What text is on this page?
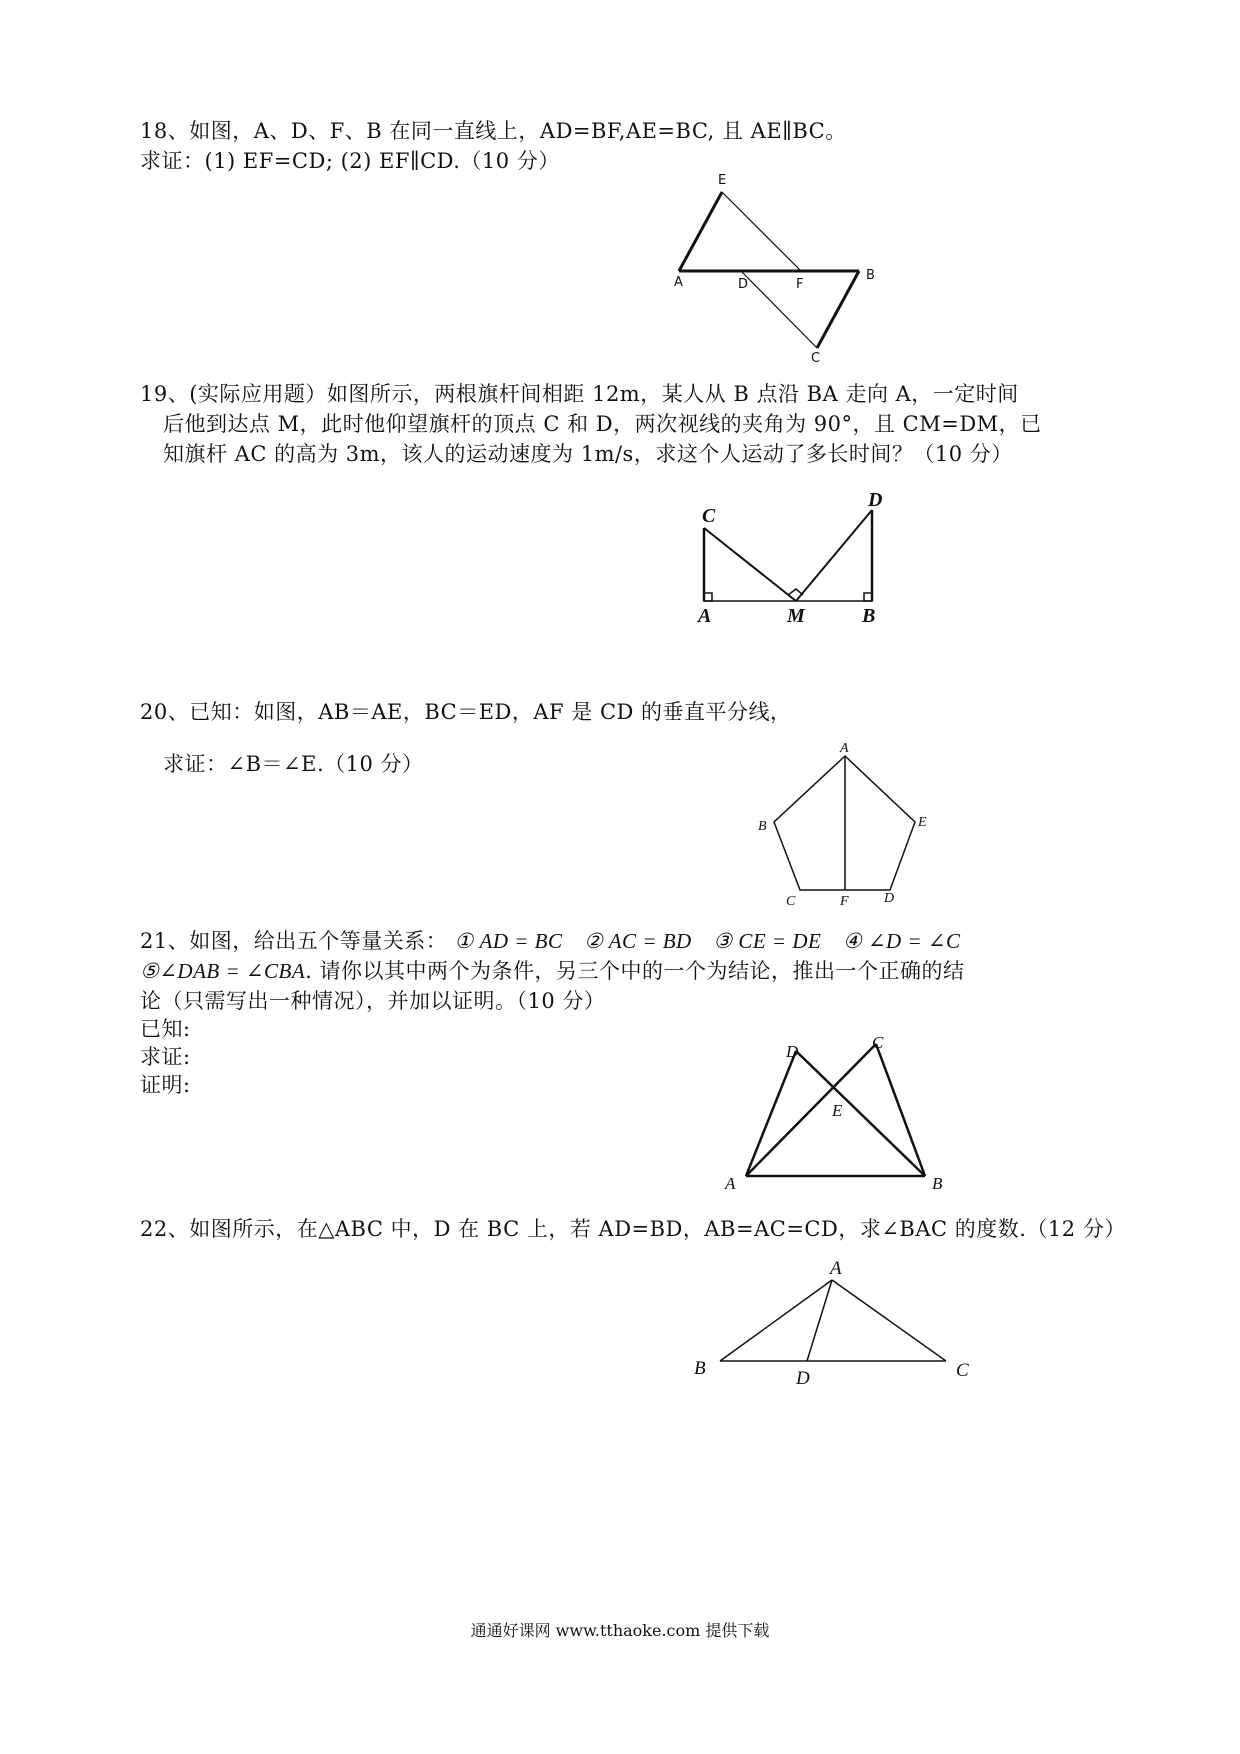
18、如图，A、D、F、B 在同一直线上，AD=BF,AE=BC, 且 AE∥BC。
求证：(1) EF=CD; (2) EF∥CD.（10 分）
E
A	D	F
B
C
19、(实际应用题）如图所示，两根旗杆间相距 12m，某人从 B 点沿 BA 走向 A，一定时间
后他到达点 M，此时他仰望旗杆的顶点 C 和 D，两次视线的夹角为 90°，且 CM=DM，已
知旗杆 AC 的高为 3m，该人的运动速度为 1m/s，求这个人运动了多长时间？（10 分）
C
D
A	M	B
20、已知：如图，AB＝AE，BC＝ED，AF 是 CD 的垂直平分线，
求证：∠B＝∠E.（10 分）
A
B	E
C	F	D
21、如图，给出五个等量关系： ① AD = BC ② AC = BD ③ CE = DE ④ ∠D = ∠C
⑤∠DAB = ∠CBA. 请你以其中两个为条件，另三个中的一个为结论，推出一个正确的结
论（只需写出一种情况），并加以证明。（10 分）
已知:
求证:
证明:
D	C
E
A	B
22、如图所示，在△ABC 中，D 在 BC 上，若 AD=BD，AB=AC=CD，求∠BAC 的度数.（12 分）
A
B	D	C
通通好课网 www.tthaoke.com 提供下载
